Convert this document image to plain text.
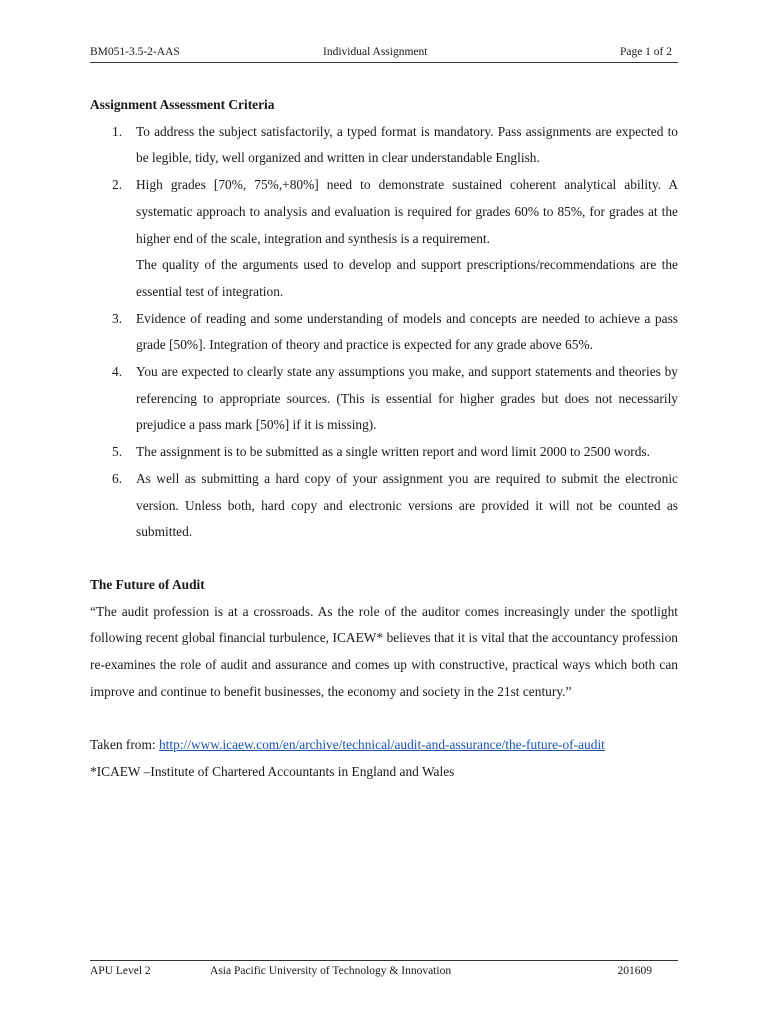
BM051-3.5-2-AAS	Individual Assignment	Page 1 of 2

Assignment Assessment Criteria

1. To address the subject satisfactorily, a typed format is mandatory. Pass assignments are expected to be legible, tidy, well organized and written in clear understandable English.

2. High grades [70%, 75%,+80%] need to demonstrate sustained coherent analytical ability. A systematic approach to analysis and evaluation is required for grades 60% to 85%, for grades at the higher end of the scale, integration and synthesis is a requirement.

The quality of the arguments used to develop and support prescriptions/recommendations are the essential test of integration.

3. Evidence of reading and some understanding of models and concepts are needed to achieve a pass grade [50%]. Integration of theory and practice is expected for any grade above 65%.

4. You are expected to clearly state any assumptions you make, and support statements and theories by referencing to appropriate sources. (This is essential for higher grades but does not necessarily prejudice a pass mark [50%] if it is missing).

5. The assignment is to be submitted as a single written report and word limit 2000 to 2500 words.

6. As well as submitting a hard copy of your assignment you are required to submit the electronic version. Unless both, hard copy and electronic versions are provided it will not be counted as submitted.

The Future of Audit

“The audit profession is at a crossroads. As the role of the auditor comes increasingly under the spotlight following recent global financial turbulence, ICAEW* believes that it is vital that the accountancy profession re-examines the role of audit and assurance and comes up with constructive, practical ways which both can improve and continue to benefit businesses, the economy and society in the 21st century.”

Taken from: http://www.icaew.com/en/archive/technical/audit-and-assurance/the-future-of-audit

*ICAEW –Institute of Chartered Accountants in England and Wales

APU Level 2	Asia Pacific University of Technology & Innovation	201609
